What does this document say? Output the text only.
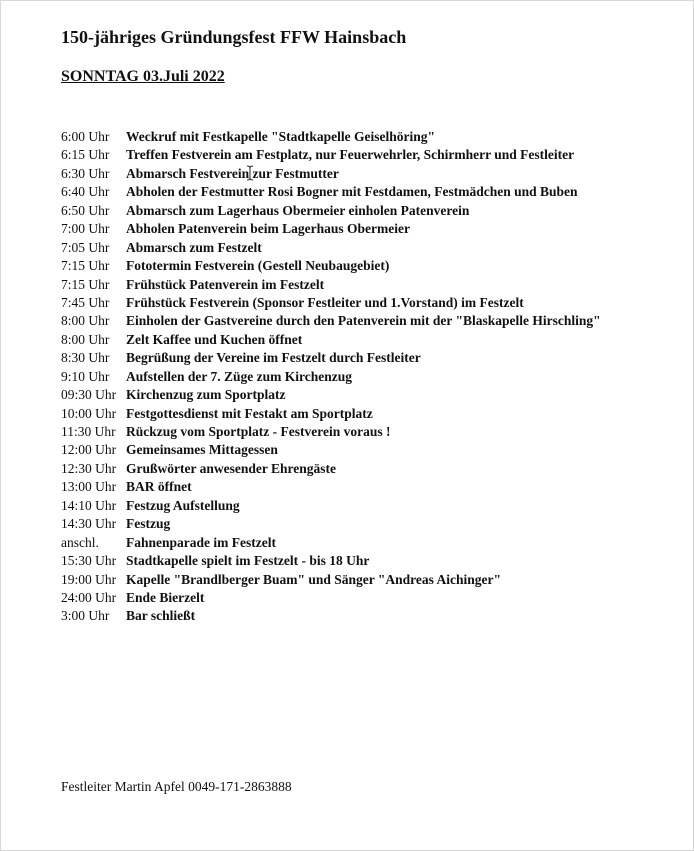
150-jähriges Gründungsfest FFW Hainsbach
SONNTAG 03.Juli 2022
6:00 Uhr	Weckruf mit Festkapelle "Stadtkapelle Geiselhöring"
6:15 Uhr	Treffen Festverein am Festplatz, nur Feuerwehrler, Schirmherr und Festleiter
6:30 Uhr	Abmarsch Festverein zur Festmutter
6:40 Uhr	Abholen der Festmutter Rosi Bogner mit Festdamen, Festmädchen und Buben
6:50 Uhr	Abmarsch zum Lagerhaus Obermeier einholen Patenverein
7:00 Uhr	Abholen Patenverein beim Lagerhaus Obermeier
7:05 Uhr	Abmarsch zum Festzelt
7:15 Uhr	Fototermin Festverein (Gestell Neubaugebiet)
7:15 Uhr	Frühstück Patenverein im Festzelt
7:45 Uhr	Frühstück Festverein (Sponsor Festleiter und 1.Vorstand) im Festzelt
8:00 Uhr	Einholen der Gastvereine durch den Patenverein mit der "Blaskapelle Hirschling"
8:00 Uhr	Zelt Kaffee und Kuchen öffnet
8:30 Uhr	Begrüßung der Vereine im Festzelt durch Festleiter
9:10 Uhr	Aufstellen der 7. Züge zum Kirchenzug
09:30 Uhr Kirchenzug zum Sportplatz
10:00 Uhr Festgottesdienst mit Festakt am Sportplatz
11:30 Uhr Rückzug vom Sportplatz - Festverein voraus !
12:00 Uhr Gemeinsames Mittagessen
12:30 Uhr Grußwörter anwesender Ehrengäste
13:00 Uhr BAR öffnet
14:10 Uhr Festzug Aufstellung
14:30 Uhr Festzug
anschl.	Fahnenparade im Festzelt
15:30 Uhr Stadtkapelle spielt im Festzelt - bis 18 Uhr
19:00 Uhr Kapelle "Brandlberger Buam" und Sänger "Andreas Aichinger"
24:00 Uhr Ende Bierzelt
3:00 Uhr	Bar schließt
Festleiter Martin Apfel 0049-171-2863888
